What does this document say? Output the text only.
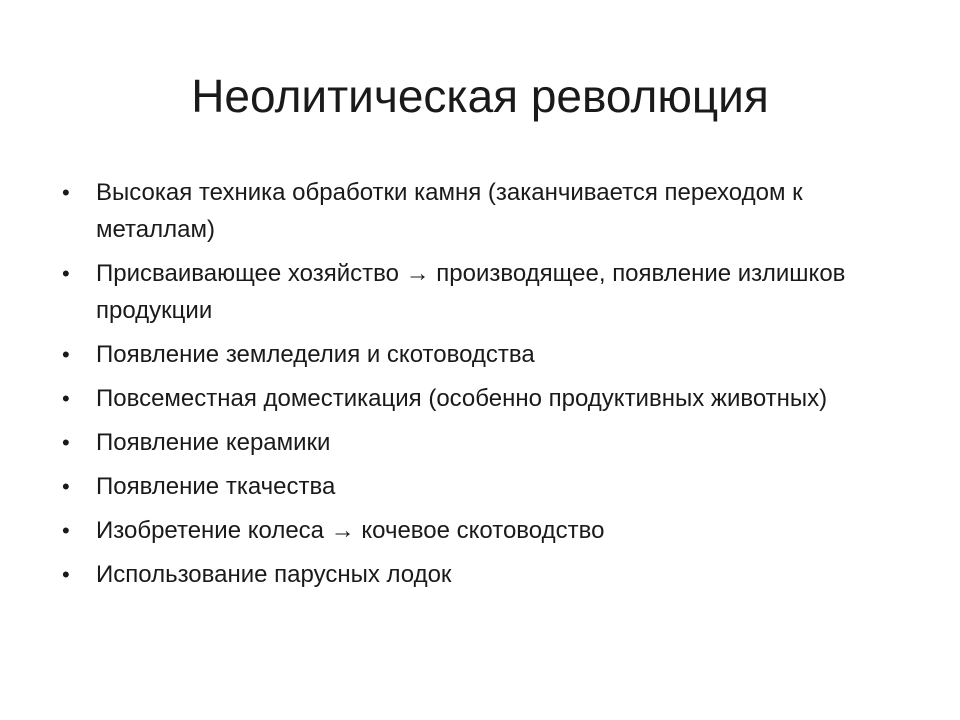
Неолитическая революция
•	Высокая техника обработки камня (заканчивается переходом к металлам)
•	Присваивающее хозяйство → производящее, появление излишков продукции
•	Появление земледелия и скотоводства
•	Повсеместная доместикация (особенно продуктивных животных)
•	Появление керамики
•	Появление ткачества
•	Изобретение колеса → кочевое скотоводство
•	Использование парусных лодок
